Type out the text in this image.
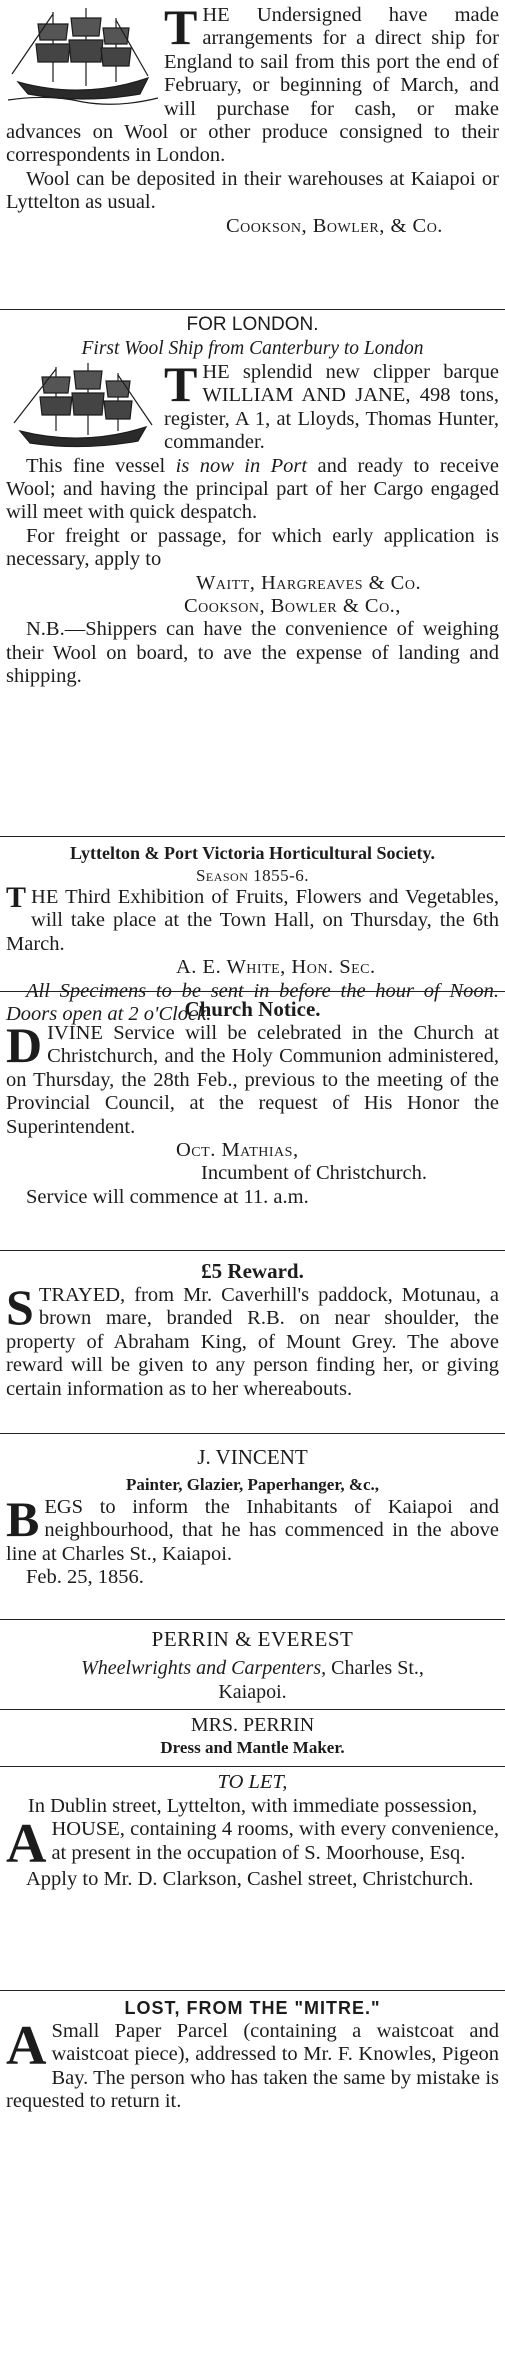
T HE Undersigned have made arrangements for a direct ship for England to sail from this port the end of February, or beginning of March, and will purchase for cash, or make advances on Wool or other produce consigned to their correspondents in London.

Wool can be deposited in their warehouses at Kaiapoi or Lyttelton as usual.

Cookson, Bowler, & Co.

FOR LONDON.

First Wool Ship from Canterbury to London

T HE splendid new clipper barque WILLIAM AND JANE, 498 tons, register, A 1, at Lloyds, Thomas Hunter, commander.

This fine vessel is now in Port and ready to receive Wool; and having the principal part of her Cargo engaged will meet with quick despatch.

For freight or passage, for which early application is necessary, apply to

Waitt, Hargreaves & Co.

Cookson, Bowler & Co.,

N.B.—Shippers can have the convenience of weighing their Wool on board, to ave the expense of landing and shipping.

Lyttelton & Port Victoria Horticultural Society.

Season 1855-6.

T HE Third Exhibition of Fruits, Flowers and Vegetables, will take place at the Town Hall, on Thursday, the 6th March.

A. E. White, Hon. Sec.

All Specimens to be sent in before the hour of Noon. Doors open at 2 o'Clock.

Church Notice.

D IVINE Service will be celebrated in the Church at Christchurch, and the Holy Communion administered, on Thursday, the 28th Feb., previous to the meeting of the Provincial Council, at the request of His Honor the Superintendent.

Oct. Mathias,

Incumbent of Christchurch.

Service will commence at 11. a.m.

£5 Reward.

S TRAYED, from Mr. Caverhill's paddock, Motunau, a brown mare, branded R.B. on near shoulder, the property of Abraham King, of Mount Grey. The above reward will be given to any person finding her, or giving certain information as to her whereabouts.

J. VINCENT

Painter, Glazier, Paperhanger, &c.,

B EGS to inform the Inhabitants of Kaiapoi and neighbourhood, that he has commenced in the above line at Charles St., Kaiapoi.

Feb. 25, 1856.

PERRIN & EVEREST

Wheelwrights and Carpenters, Charles St.,

Kaiapoi.

MRS. PERRIN

Dress and Mantle Maker.

TO LET,

In Dublin street, Lyttelton, with immediate possession,

A HOUSE, containing 4 rooms, with every convenience, at present in the occupation of S. Moorhouse, Esq.

Apply to Mr. D. Clarkson, Cashel street, Christchurch.

LOST, FROM THE "MITRE."

A Small Paper Parcel (containing a waistcoat and waistcoat piece), addressed to Mr. F. Knowles, Pigeon Bay. The person who has taken the same by mistake is requested to return it.
